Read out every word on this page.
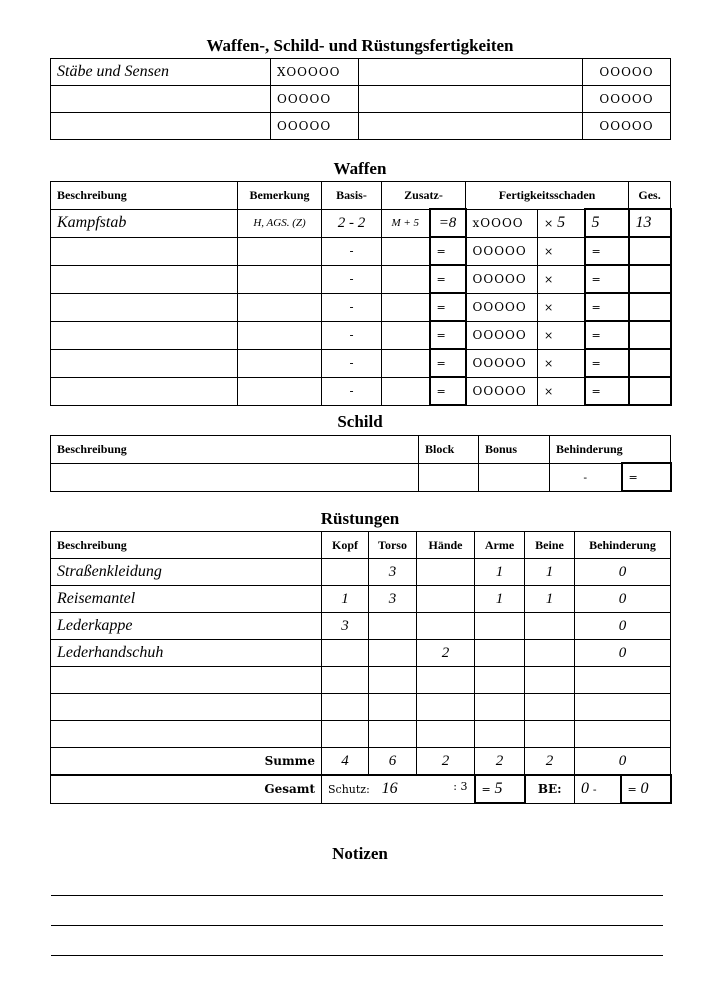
Waffen-, Schild- und Rüstungsfertigkeiten
Stäbe und Sensen	XOOOOO		OOOOO
	OOOOO		OOOOO
	OOOOO		OOOOO
Waffen
Beschreibung	Bemerkung	Basis-	Zusatz-		Fertigkeitsschaden			Ges.
Kampfstab	H, AGS. (Z)	2 - 2	M + 5	=8	xOOOO	× 5	5	13
		-		=	OOOOO	×	=	
		-		=	OOOOO	×	=	
		-		=	OOOOO	×	=	
		-		=	OOOOO	×	=	
		-		=	OOOOO	×	=	
		-		=	OOOOO	×	=	
Schild
Beschreibung	Block	Bonus	Behinderung	
			-	=
Rüstungen
Beschreibung	Kopf	Torso	Hände	Arme	Beine	Behinderung	
Straßenkleidung		3		1	1	0	
Reisemantel	1	3		1	1	0	
Lederkappe	3					0	
Lederhandschuh			2			0	

Summe	4	6	2	2	2	0	
Gesamt	Schutz: 16 : 3			= 5	BE:	0 -	= 0
Notizen
